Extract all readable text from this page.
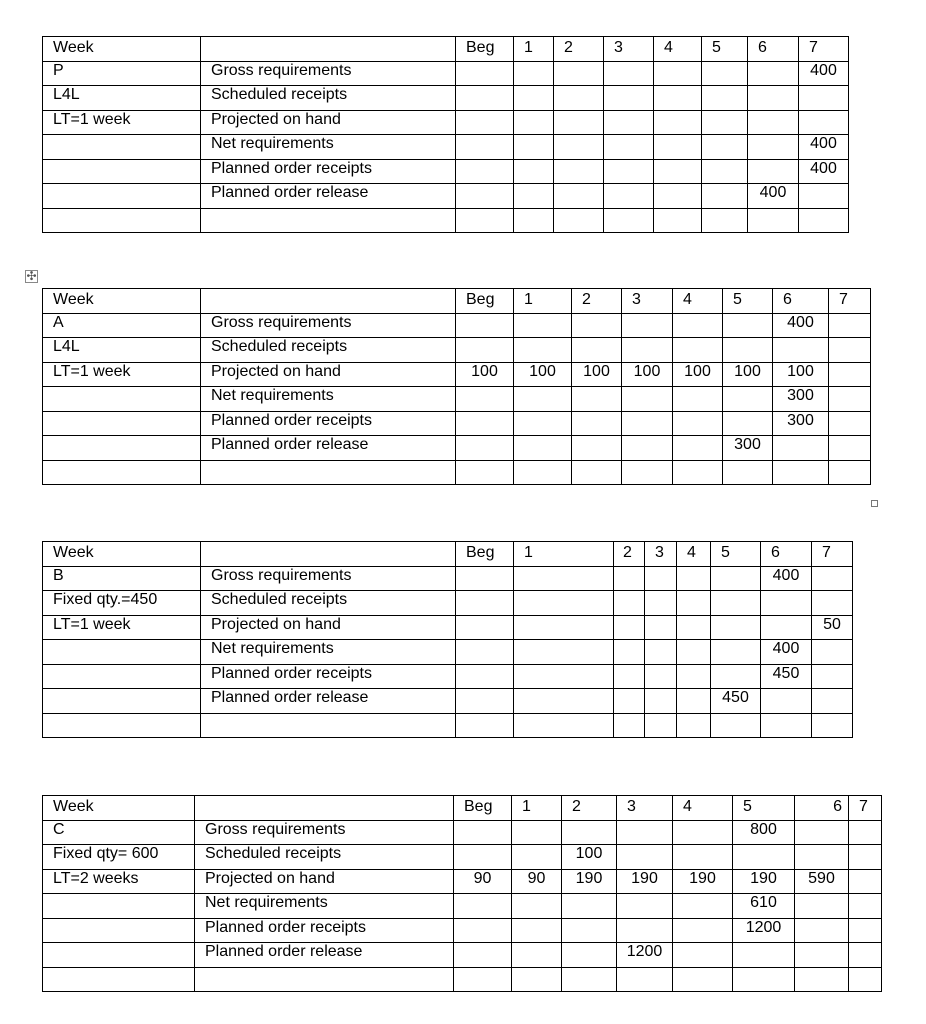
Week		Beg	1	2	3	4	5	6	7
P	Gross requirements								400
L4L	Scheduled receipts								
LT=1 week	Projected on hand								
	Net requirements								400
	Planned order receipts								400
	Planned order release							400	

✣
Week		Beg	1	2	3	4	5	6	7
A	Gross requirements							400	
L4L	Scheduled receipts								
LT=1 week	Projected on hand	100	100	100	100	100	100	100	
	Net requirements							300	
	Planned order receipts							300	
	Planned order release						300		

Week		Beg	1	2	3	4	5	6	7
B	Gross requirements							400	
Fixed qty.=450	Scheduled receipts								
LT=1 week	Projected on hand								50
	Net requirements							400	
	Planned order receipts							450	
	Planned order release						450		

Week		Beg	1	2	3	4	5	6	7
C	Gross requirements						800		
Fixed qty= 600	Scheduled receipts			100					
LT=2 weeks	Projected on hand	90	90	190	190	190	190	590	
	Net requirements						610		
	Planned order receipts						1200		
	Planned order release				1200				
